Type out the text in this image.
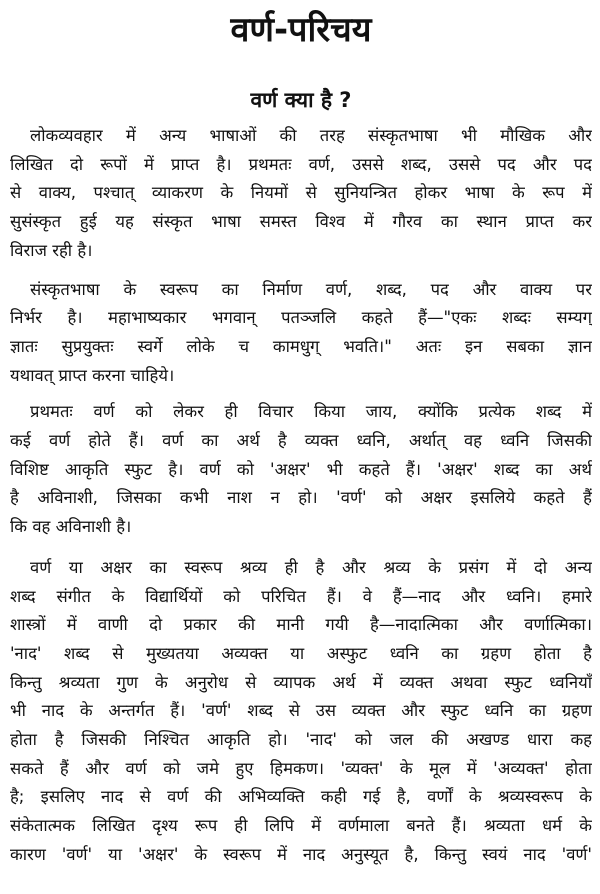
वर्ण-परिचय
वर्ण क्या है ?

लोकव्यवहार में अन्य भाषाओं की तरह संस्कृतभाषा भी मौखिक और
लिखित दो रूपों में प्राप्त है। प्रथमतः वर्ण, उससे शब्द, उससे पद और पद
से वाक्य, पश्चात् व्याकरण के नियमों से सुनियन्त्रित होकर भाषा के रूप में
सुसंस्कृत हुई यह संस्कृत भाषा समस्त विश्व में गौरव का स्थान प्राप्त कर
विराज रही है।

संस्कृतभाषा के स्वरूप का निर्माण वर्ण, शब्द, पद और वाक्य पर
निर्भर है। महाभाष्यकार भगवान् पतञ्जलि कहते हैं—"एकः शब्दः सम्यग्
ज्ञातः सुप्रयुक्तः स्वर्गे लोके च कामधुग् भवति।" अतः इन सबका ज्ञान
यथावत् प्राप्त करना चाहिये।

प्रथमतः वर्ण को लेकर ही विचार किया जाय, क्योंकि प्रत्येक शब्द में
कई वर्ण होते हैं। वर्ण का अर्थ है व्यक्त ध्वनि, अर्थात् वह ध्वनि जिसकी
विशिष्ट आकृति स्फुट है। वर्ण को 'अक्षर' भी कहते हैं। 'अक्षर' शब्द का अर्थ
है अविनाशी, जिसका कभी नाश न हो। 'वर्ण' को अक्षर इसलिये कहते हैं
कि वह अविनाशी है।

वर्ण या अक्षर का स्वरूप श्रव्य ही है और श्रव्य के प्रसंग में दो अन्य
शब्द संगीत के विद्यार्थियों को परिचित हैं। वे हैं—नाद और ध्वनि। हमारे
शास्त्रों में वाणी दो प्रकार की मानी गयी है—नादात्मिका और वर्णात्मिका।
'नाद' शब्द से मुख्यतया अव्यक्त या अस्फुट ध्वनि का ग्रहण होता है
किन्तु श्रव्यता गुण के अनुरोध से व्यापक अर्थ में व्यक्त अथवा स्फुट ध्वनियाँ
भी नाद के अन्तर्गत हैं। 'वर्ण' शब्द से उस व्यक्त और स्फुट ध्वनि का ग्रहण
होता है जिसकी निश्चित आकृति हो। 'नाद' को जल की अखण्ड धारा कह
सकते हैं और वर्ण को जमे हुए हिमकण। 'व्यक्त' के मूल में 'अव्यक्त' होता
है; इसलिए नाद से वर्ण की अभिव्यक्ति कही गई है, वर्णों के श्रव्यस्वरूप के
संकेतात्मक लिखित दृश्य रूप ही लिपि में वर्णमाला बनते हैं। श्रव्यता धर्म के
कारण 'वर्ण' या 'अक्षर' के स्वरूप में नाद अनुस्यूत है, किन्तु स्वयं नाद 'वर्ण'
